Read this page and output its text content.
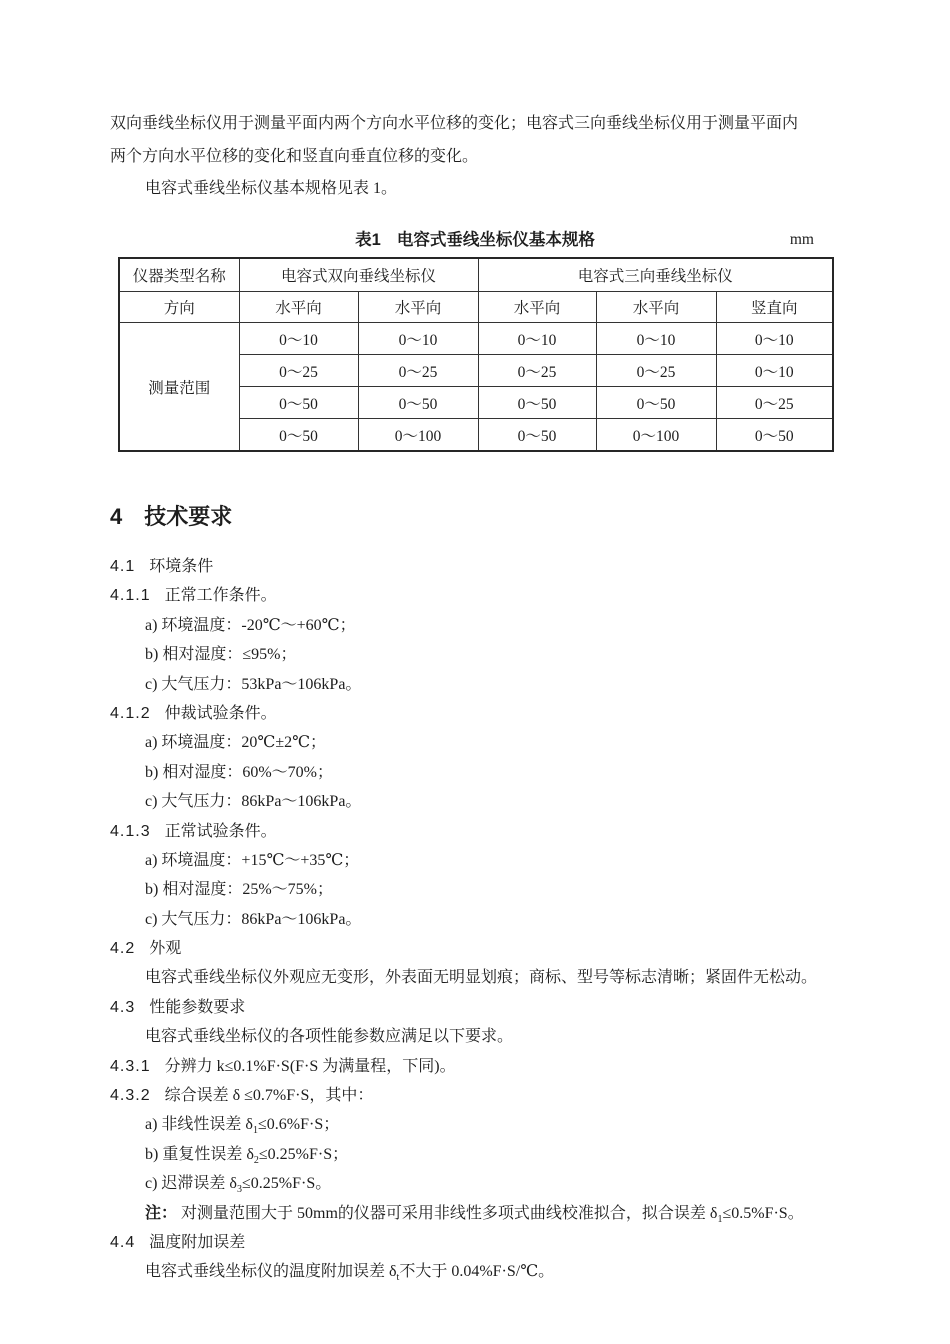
双向垂线坐标仪用于测量平面内两个方向水平位移的变化；电容式三向垂线坐标仪用于测量平面内
两个方向水平位移的变化和竖直向垂直位移的变化。
电容式垂线坐标仪基本规格见表 1。
表1 电容式垂线坐标仪基本规格	mm
仪器类型名称	电容式双向垂线坐标仪		电容式三向垂线坐标仪		
方向	水平向	水平向	水平向	水平向	竖直向
测量范围	0～10	0～10	0～10	0～10	0～10
	0～25	0～25	0～25	0～25	0～10
	0～50	0～50	0～50	0～50	0～25
	0～50	0～100	0～50	0～100	0～50
4 技术要求
4.1 环境条件
4.1.1 正常工作条件。
a) 环境温度：-20℃～+60℃；
b) 相对湿度：≤95%；
c) 大气压力：53kPa～106kPa。
4.1.2 仲裁试验条件。
a) 环境温度：20℃±2℃；
b) 相对湿度：60%～70%；
c) 大气压力：86kPa～106kPa。
4.1.3 正常试验条件。
a) 环境温度：+15℃～+35℃；
b) 相对湿度：25%～75%；
c) 大气压力：86kPa～106kPa。
4.2 外观
电容式垂线坐标仪外观应无变形，外表面无明显划痕；商标、型号等标志清晰；紧固件无松动。
4.3 性能参数要求
电容式垂线坐标仪的各项性能参数应满足以下要求。
4.3.1 分辨力 k≤0.1%F·S(F·S 为满量程，下同)。
4.3.2 综合误差 δ ≤0.7%F·S，其中：
a) 非线性误差 $\delta_1\le 0.6\%F\cdot S$；
b) 重复性误差 $\delta_2\le 0.25\%F\cdot S$；
c) 迟滞误差 $\delta_3\le 0.25\%F\cdot S$。
注： 对测量范围大于 50mm的仪器可采用非线性多项式曲线校准拟合，拟合误差 $\delta_1\le 0.5\%F\cdot S$。
4.4 温度附加误差
电容式垂线坐标仪的温度附加误差 $\delta_t$不大于 0.04%F·S/℃。
